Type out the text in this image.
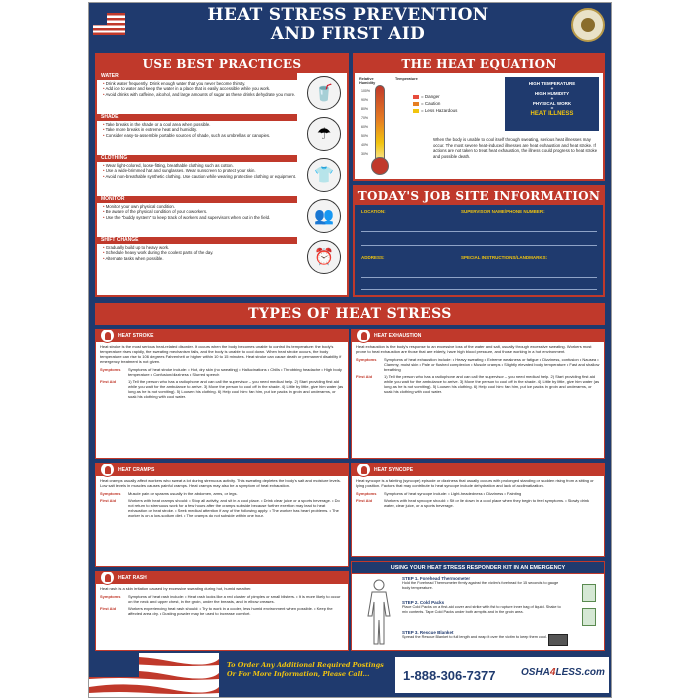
HEAT STRESS PREVENTION
AND FIRST AID
USE BEST PRACTICES
WATER
• Drink water frequently. Drink enough water that you never become thirsty.
• Add ice to water and keep the water in a place that is easily accessible while you work.
• Avoid drinks with caffeine, alcohol, and large amounts of sugar as these drinks dehydrate you more.	🥤
SHADE
• Take breaks in the shade or a cool area when possible.
• Take more breaks in extreme heat and humidity.
• Consider easy-to-assemble portable sources of shade, such as umbrellas or canopies.	☂
CLOTHING
• Wear light-colored, loose-fitting, breathable clothing such as cotton.
• Use a wide-brimmed hat and sunglasses. Wear sunscreen to protect your skin.
• Avoid non-breathable synthetic clothing. Use caution while wearing protective clothing or equipment.	👕
MONITOR
• Monitor your own physical condition.
• Be aware of the physical condition of your coworkers.
• Use the "buddy system" to keep track of workers and supervisors when out in the field.	👥
SHIFT CHANGE
• Gradually build up to heavy work.
• Schedule heavy work during the coolest parts of the day.
• Alternate tasks when possible.	⏰
THE HEAT EQUATION
Relative Humidity
Temperature
100%
90%
80%
70%
60%
50%
40%
30%
= Danger
= Caution
= Less Hazardous
HIGH TEMPERATURE
+
HIGH HUMIDITY
+
PHYSICAL WORK
=
HEAT ILLNESS
When the body is unable to cool itself through sweating, serious heat illnesses may occur. The most severe heat-induced illnesses are heat exhaustion and heat stroke. If actions are not taken to treat heat exhaustion, the illness could progress to heat stroke and possible death.
TODAY'S JOB SITE INFORMATION
LOCATION:	SUPERVISOR NAME/PHONE NUMBER:
ADDRESS:	SPECIAL INSTRUCTIONS/LANDMARKS:
TYPES OF HEAT STRESS
HEAT STROKE
Heat stroke is the most serious heat-related disorder. It occurs when the body becomes unable to control its temperature: the body's temperature rises rapidly, the sweating mechanism fails, and the body is unable to cool down. When heat stroke occurs, the body temperature can rise to 106 degrees Fahrenheit or higher within 10 to 15 minutes. Heat stroke can cause death or permanent disability if emergency treatment is not given.
Symptoms	Symptoms of heat stroke include: • Hot, dry skin (no sweating) • Hallucinations • Chills • Throbbing headache • High body temperature • Confusion/dizziness • Slurred speech
First Aid	1) Tell the person who has a radiophone and can call the supervisor – you need medical help. 2) Start providing first aid while you wait for the ambulance to arrive. 3) Move the person to cool off in the shade. 4) Little by little, give him water (as long as he is not vomiting). 5) Loosen his clothing. 6) Help cool him: fan him, put ice packs in groin and underarms, or soak his clothing with cool water.
HEAT EXHAUSTION
Heat exhaustion is the body's response to an excessive loss of the water and salt, usually through excessive sweating. Workers most prone to heat exhaustion are those that are elderly, have high blood pressure, and those working in a hot environment.
Symptoms	Symptoms of heat exhaustion include: • Heavy sweating • Extreme weakness or fatigue • Dizziness, confusion • Nausea • Clammy, moist skin • Pale or flushed complexion • Muscle cramps • Slightly elevated body temperature • Fast and shallow breathing
First Aid	1) Tell the person who has a radiophone and can call the supervisor – you need medical help. 2) Start providing first aid while you wait for the ambulance to arrive. 3) Move the person to cool off in the shade. 4) Little by little, give him water (as long as he is not vomiting). 5) Loosen his clothing. 6) Help cool him: fan him, put ice packs in groin and underarms, or soak his clothing with cool water.
HEAT CRAMPS
Heat cramps usually affect workers who sweat a lot during strenuous activity. This sweating depletes the body's salt and moisture levels. Low salt levels in muscles causes painful cramps. Heat cramps may also be a symptom of heat exhaustion.
Symptoms	Muscle pain or spasms usually in the abdomen, arms, or legs.
First Aid	Workers with heat cramps should: • Stop all activity, and sit in a cool place. • Drink clear juice or a sports beverage. • Do not return to strenuous work for a few hours after the cramps subside because further exertion may lead to heat exhaustion or heat stroke. • Seek medical attention if any of the following apply: • The worker has heart problems. • The worker is on a low-sodium diet. • The cramps do not subside within one hour.
HEAT SYNCOPE
Heat syncope is a fainting (syncope) episode or dizziness that usually occurs with prolonged standing or sudden rising from a sitting or lying position. Factors that may contribute to heat syncope include dehydration and lack of acclimatization.
Symptoms	Symptoms of heat syncope include: • Light-headedness • Dizziness • Fainting
First Aid	Workers with heat syncope should: • Sit or lie down in a cool place when they begin to feel symptoms. • Slowly drink water, clear juice, or a sports beverage.
HEAT RASH
Heat rash is a skin irritation caused by excessive sweating during hot, humid weather.
Symptoms	Symptoms of heat rash include: • Heat rash looks like a red cluster of pimples or small blisters. • It is more likely to occur on the neck and upper chest, in the groin, under the breasts, and in elbow creases.
First Aid	Workers experiencing heat rash should: • Try to work in a cooler, less humid environment when possible. • Keep the affected area dry. • Dusting powder may be used to increase comfort.
USING YOUR HEAT STRESS RESPONDER KIT IN AN EMERGENCY
STEP 1. Forehead Thermometer
Hold the Forehead Thermometer firmly against the victim's forehead for 15 seconds to gauge body temperature.
STEP 2. Cold Packs
Place Cold Packs on a first-aid cover and strike with fist to rupture inner bag of liquid. Shake to mix contents. Tape Cold Packs under both armpits and in the groin area.
STEP 3. Rescue Blanket
Spread the Rescue Blanket to full length and wrap it over the victim to keep them cool.
To Order Any Additional Required Postings
Or For More Information, Please Call...	1-888-306-7377	OSHA4LESS.com
